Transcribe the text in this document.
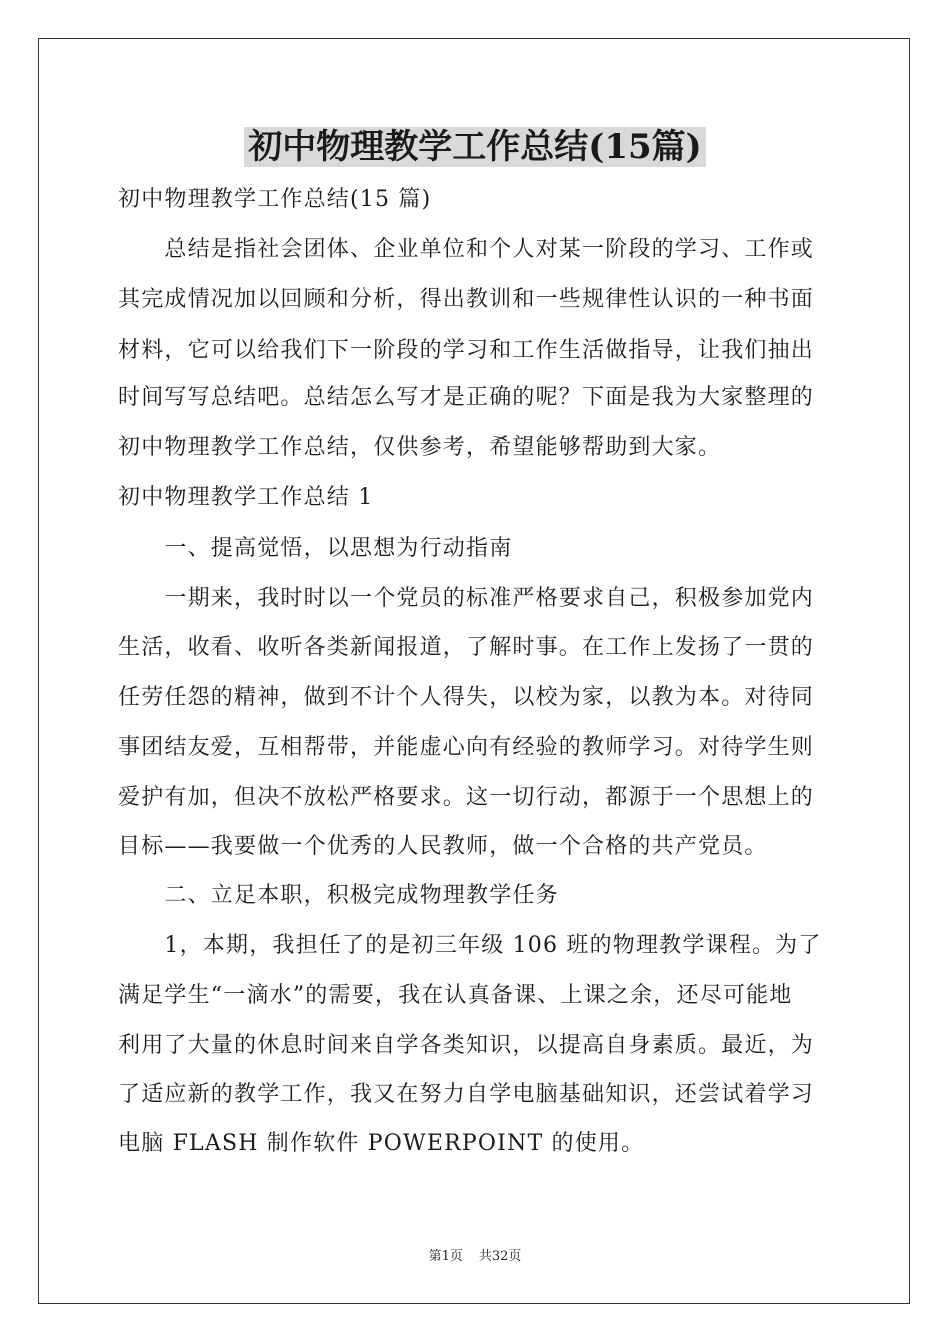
初中物理教学工作总结(15篇)
初中物理教学工作总结(15 篇)
　　总结是指社会团体、企业单位和个人对某一阶段的学习、工作或
其完成情况加以回顾和分析，得出教训和一些规律性认识的一种书面
材料，它可以给我们下一阶段的学习和工作生活做指导，让我们抽出
时间写写总结吧。总结怎么写才是正确的呢？下面是我为大家整理的
初中物理教学工作总结，仅供参考，希望能够帮助到大家。
初中物理教学工作总结 1
　　一、提高觉悟，以思想为行动指南
　　一期来，我时时以一个党员的标准严格要求自己，积极参加党内
生活，收看、收听各类新闻报道，了解时事。在工作上发扬了一贯的
任劳任怨的精神，做到不计个人得失，以校为家，以教为本。对待同
事团结友爱，互相帮带，并能虚心向有经验的教师学习。对待学生则
爱护有加，但决不放松严格要求。这一切行动，都源于一个思想上的
目标——我要做一个优秀的人民教师，做一个合格的共产党员。
　　二、立足本职，积极完成物理教学任务
　　1，本期，我担任了的是初三年级 106 班的物理教学课程。为了
满足学生“一滴水”的需要，我在认真备课、上课之余，还尽可能地
利用了大量的休息时间来自学各类知识，以提高自身素质。最近，为
了适应新的教学工作，我又在努力自学电脑基础知识，还尝试着学习
电脑 FLASH 制作软件 POWERPOINT 的使用。
第1页 共32页
